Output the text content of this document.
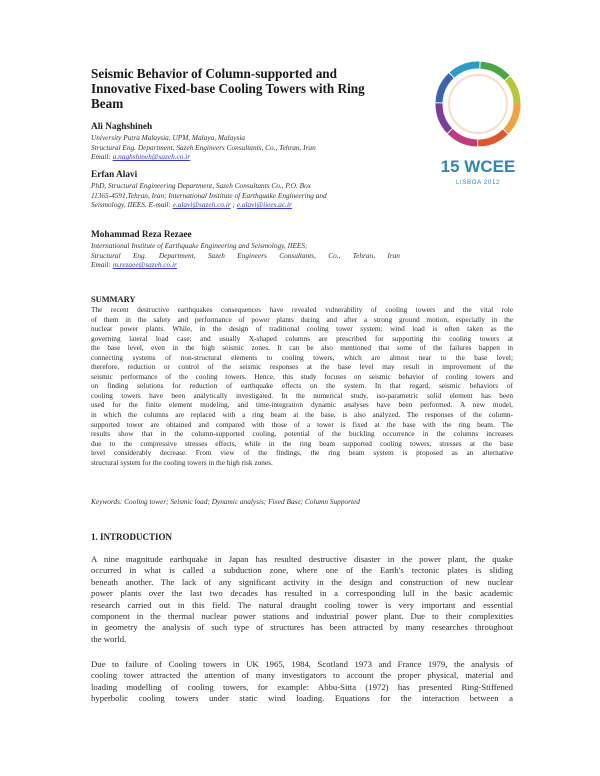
Seismic Behavior of Column-supported and
Innovative Fixed-base Cooling Towers with Ring
Beam
15 WCEE
LISBOA 2012
Ali Naghshineh
University Putra Malaysia, UPM, Malaya, Malaysia
Structural Eng. Department, Sazeh Engineers Consultants, Co., Tehran, Iran
Email: a.naghshineh@sazeh.co.ir
Erfan Alavi
PhD, Structural Engineering Department, Sazeh Consultants Co., P.O. Box
11365-4591,Tehran, Iran; International Institute of Earthquake Engineering and
Seismology, IIEES. E-mail: e.alavi@sazeh.co.ir ; e.alavi@iiees.ac.ir
Mohammad Reza Rezaee
International Institute of Earthquake Engineering and Seismology, IIEES;
Structural Eng. Department, Sazeh Engineers Consultants, Co., Tehran, Iran
Email: m.rezaee@sazeh.co.ir
SUMMARY
The recent destructive earthquakes consequences have revealed vulnerability of cooling towers and the vital role
of them in the safety and performance of power plants during and after a strong ground motion, especially in the
nuclear power plants. While, in the design of traditional cooling tower system; wind load is often taken as the
governing lateral load case; and usually X-shaped columns are prescribed for supporting the cooling towers at
the base level, even in the high seismic zones. It can be also mentioned that some of the failures happen in
connecting systems of non-structural elements to cooling towers, which are almost near to the base level;
therefore, reduction or control of the seismic responses at the base level may result in improvement of the
seismic performance of the cooling towers. Hence, this study focuses on seismic behavior of cooling towers and
on finding solutions for reduction of earthquake effects on the system. In that regard, seismic behaviors of
cooling towers have been analytically investigated. In the numerical study, iso-parametric solid element has been
used for the finite element modeling, and time-integration dynamic analyses have been performed. A new model,
in which the columns are replaced with a ring beam at the base, is also analyzed. The responses of the column-
supported tower are obtained and compared with those of a tower is fixed at the base with the ring beam. The
results show that in the column-supported cooling, potential of the buckling occurrence in the columns increases
due to the compressive stresses effects, while in the ring beam supported cooling towers, stresses at the base
level considerably decrease. From view of the findings, the ring beam system is proposed as an alternative
structural system for the cooling towers in the high risk zones.
Keywords: Cooling tower; Seismic load; Dynamic analysis; Fixed Base; Column Supported
1. INTRODUCTION
A nine magnitude earthquake in Japan has resulted destructive disaster in the power plant, the quake
occurred in what is called a subduction zone, where one of the Earth's tectonic plates is sliding
beneath another. The lack of any significant activity in the design and construction of new nuclear
power plants over the last two decades has resulted in a corresponding lull in the basic academic
research carried out in this field. The natural draught cooling tower is very important and essential
component in the thermal nuclear power stations and industrial power plant. Due to their complexities
in geometry the analysis of such type of structures has been attracted by many researches throughout
the world.
Due to failure of Cooling towers in UK 1965, 1984, Scotland 1973 and France 1979, the analysis of
cooling tower attracted the attention of many investigators to account the proper physical, material and
loading modelling of cooling towers, for example: Abbu-Sitta (1972) has presented Ring-Stiffened
hyperbolic cooling towers under static wind loading. Equations for the interaction between a
